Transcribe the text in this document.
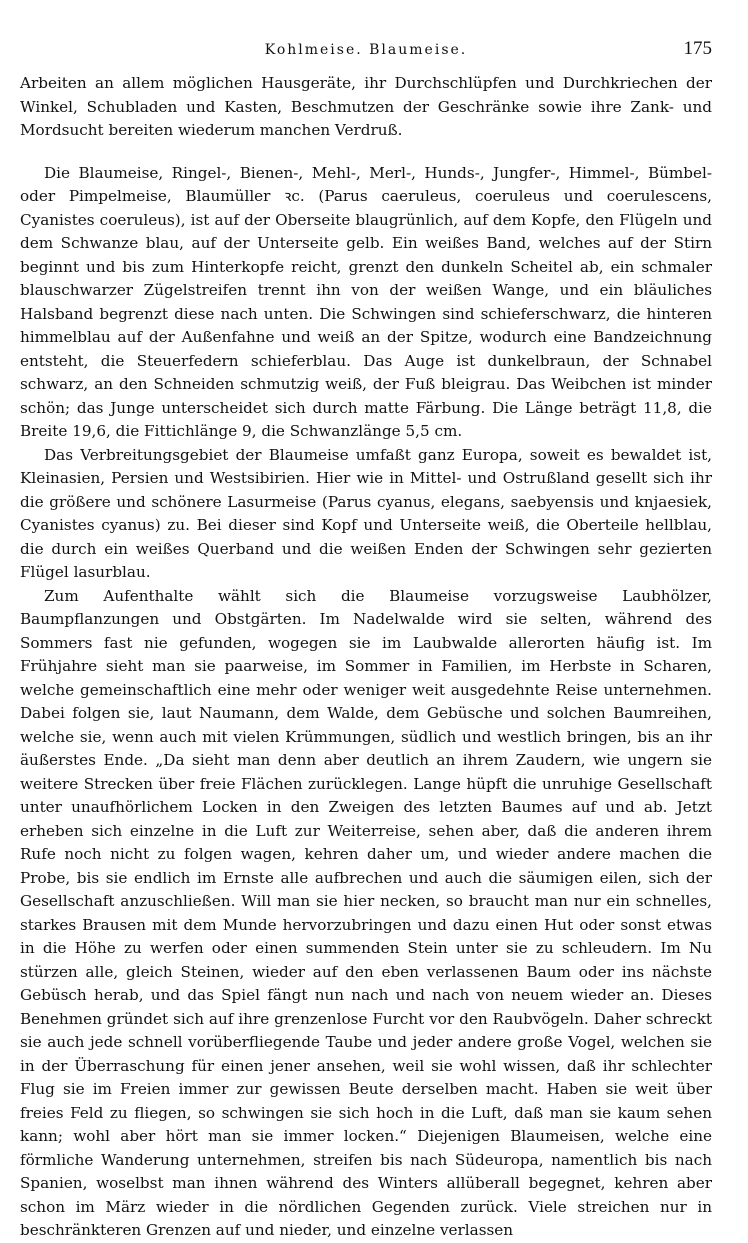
Kohlmeise. Blaumeise.	175

Arbeiten an allem möglichen Hausgeräte, ihr Durchschlüpfen und Durchkriechen der Winkel, Schubladen und Kasten, Beschmutzen der Geschränke sowie ihre Zank- und Mordsucht bereiten wiederum manchen Verdruß.

Die Blaumeise, Ringel-, Bienen-, Mehl-, Merl-, Hunds-, Jungfer-, Himmel-, Bümbel- oder Pimpelmeise, Blaumüller ꝛc. (Parus caeruleus, coeruleus und coerulescens, Cyanistes coeruleus), ist auf der Oberseite blaugrünlich, auf dem Kopfe, den Flügeln und dem Schwanze blau, auf der Unterseite gelb. Ein weißes Band, welches auf der Stirn beginnt und bis zum Hinterkopfe reicht, grenzt den dunkeln Scheitel ab, ein schmaler blauschwarzer Zügelstreifen trennt ihn von der weißen Wange, und ein bläuliches Halsband begrenzt diese nach unten. Die Schwingen sind schieferschwarz, die hinteren himmelblau auf der Außenfahne und weiß an der Spitze, wodurch eine Bandzeichnung entsteht, die Steuerfedern schieferblau. Das Auge ist dunkelbraun, der Schnabel schwarz, an den Schneiden schmutzig weiß, der Fuß bleigrau. Das Weibchen ist minder schön; das Junge unterscheidet sich durch matte Färbung. Die Länge beträgt 11,8, die Breite 19,6, die Fittichlänge 9, die Schwanzlänge 5,5 cm.

Das Verbreitungsgebiet der Blaumeise umfaßt ganz Europa, soweit es bewaldet ist, Kleinasien, Persien und Westsibirien. Hier wie in Mittel- und Ostrußland gesellt sich ihr die größere und schönere Lasurmeise (Parus cyanus, elegans, saebyensis und knjaesiek, Cyanistes cyanus) zu. Bei dieser sind Kopf und Unterseite weiß, die Oberteile hellblau, die durch ein weißes Querband und die weißen Enden der Schwingen sehr gezierten Flügel lasurblau.

Zum Aufenthalte wählt sich die Blaumeise vorzugsweise Laubhölzer, Baumpflanzungen und Obstgärten. Im Nadelwalde wird sie selten, während des Sommers fast nie gefunden, wogegen sie im Laubwalde allerorten häufig ist. Im Frühjahre sieht man sie paarweise, im Sommer in Familien, im Herbste in Scharen, welche gemeinschaftlich eine mehr oder weniger weit ausgedehnte Reise unternehmen. Dabei folgen sie, laut Naumann, dem Walde, dem Gebüsche und solchen Baumreihen, welche sie, wenn auch mit vielen Krümmungen, südlich und westlich bringen, bis an ihr äußerstes Ende. „Da sieht man denn aber deutlich an ihrem Zaudern, wie ungern sie weitere Strecken über freie Flächen zurücklegen. Lange hüpft die unruhige Gesellschaft unter unaufhörlichem Locken in den Zweigen des letzten Baumes auf und ab. Jetzt erheben sich einzelne in die Luft zur Weiterreise, sehen aber, daß die anderen ihrem Rufe noch nicht zu folgen wagen, kehren daher um, und wieder andere machen die Probe, bis sie endlich im Ernste alle aufbrechen und auch die säumigen eilen, sich der Gesellschaft anzuschließen. Will man sie hier necken, so braucht man nur ein schnelles, starkes Brausen mit dem Munde hervorzubringen und dazu einen Hut oder sonst etwas in die Höhe zu werfen oder einen summenden Stein unter sie zu schleudern. Im Nu stürzen alle, gleich Steinen, wieder auf den eben verlassenen Baum oder ins nächste Gebüsch herab, und das Spiel fängt nun nach und nach von neuem wieder an. Dieses Benehmen gründet sich auf ihre grenzenlose Furcht vor den Raubvögeln. Daher schreckt sie auch jede schnell vorüberfliegende Taube und jeder andere große Vogel, welchen sie in der Überraschung für einen jener ansehen, weil sie wohl wissen, daß ihr schlechter Flug sie im Freien immer zur gewissen Beute derselben macht. Haben sie weit über freies Feld zu fliegen, so schwingen sie sich hoch in die Luft, daß man sie kaum sehen kann; wohl aber hört man sie immer locken.“ Diejenigen Blaumeisen, welche eine förmliche Wanderung unternehmen, streifen bis nach Südeuropa, namentlich bis nach Spanien, woselbst man ihnen während des Winters allüberall begegnet, kehren aber schon im März wieder in die nördlichen Gegenden zurück. Viele streichen nur in beschränkteren Grenzen auf und nieder, und einzelne verlassen
